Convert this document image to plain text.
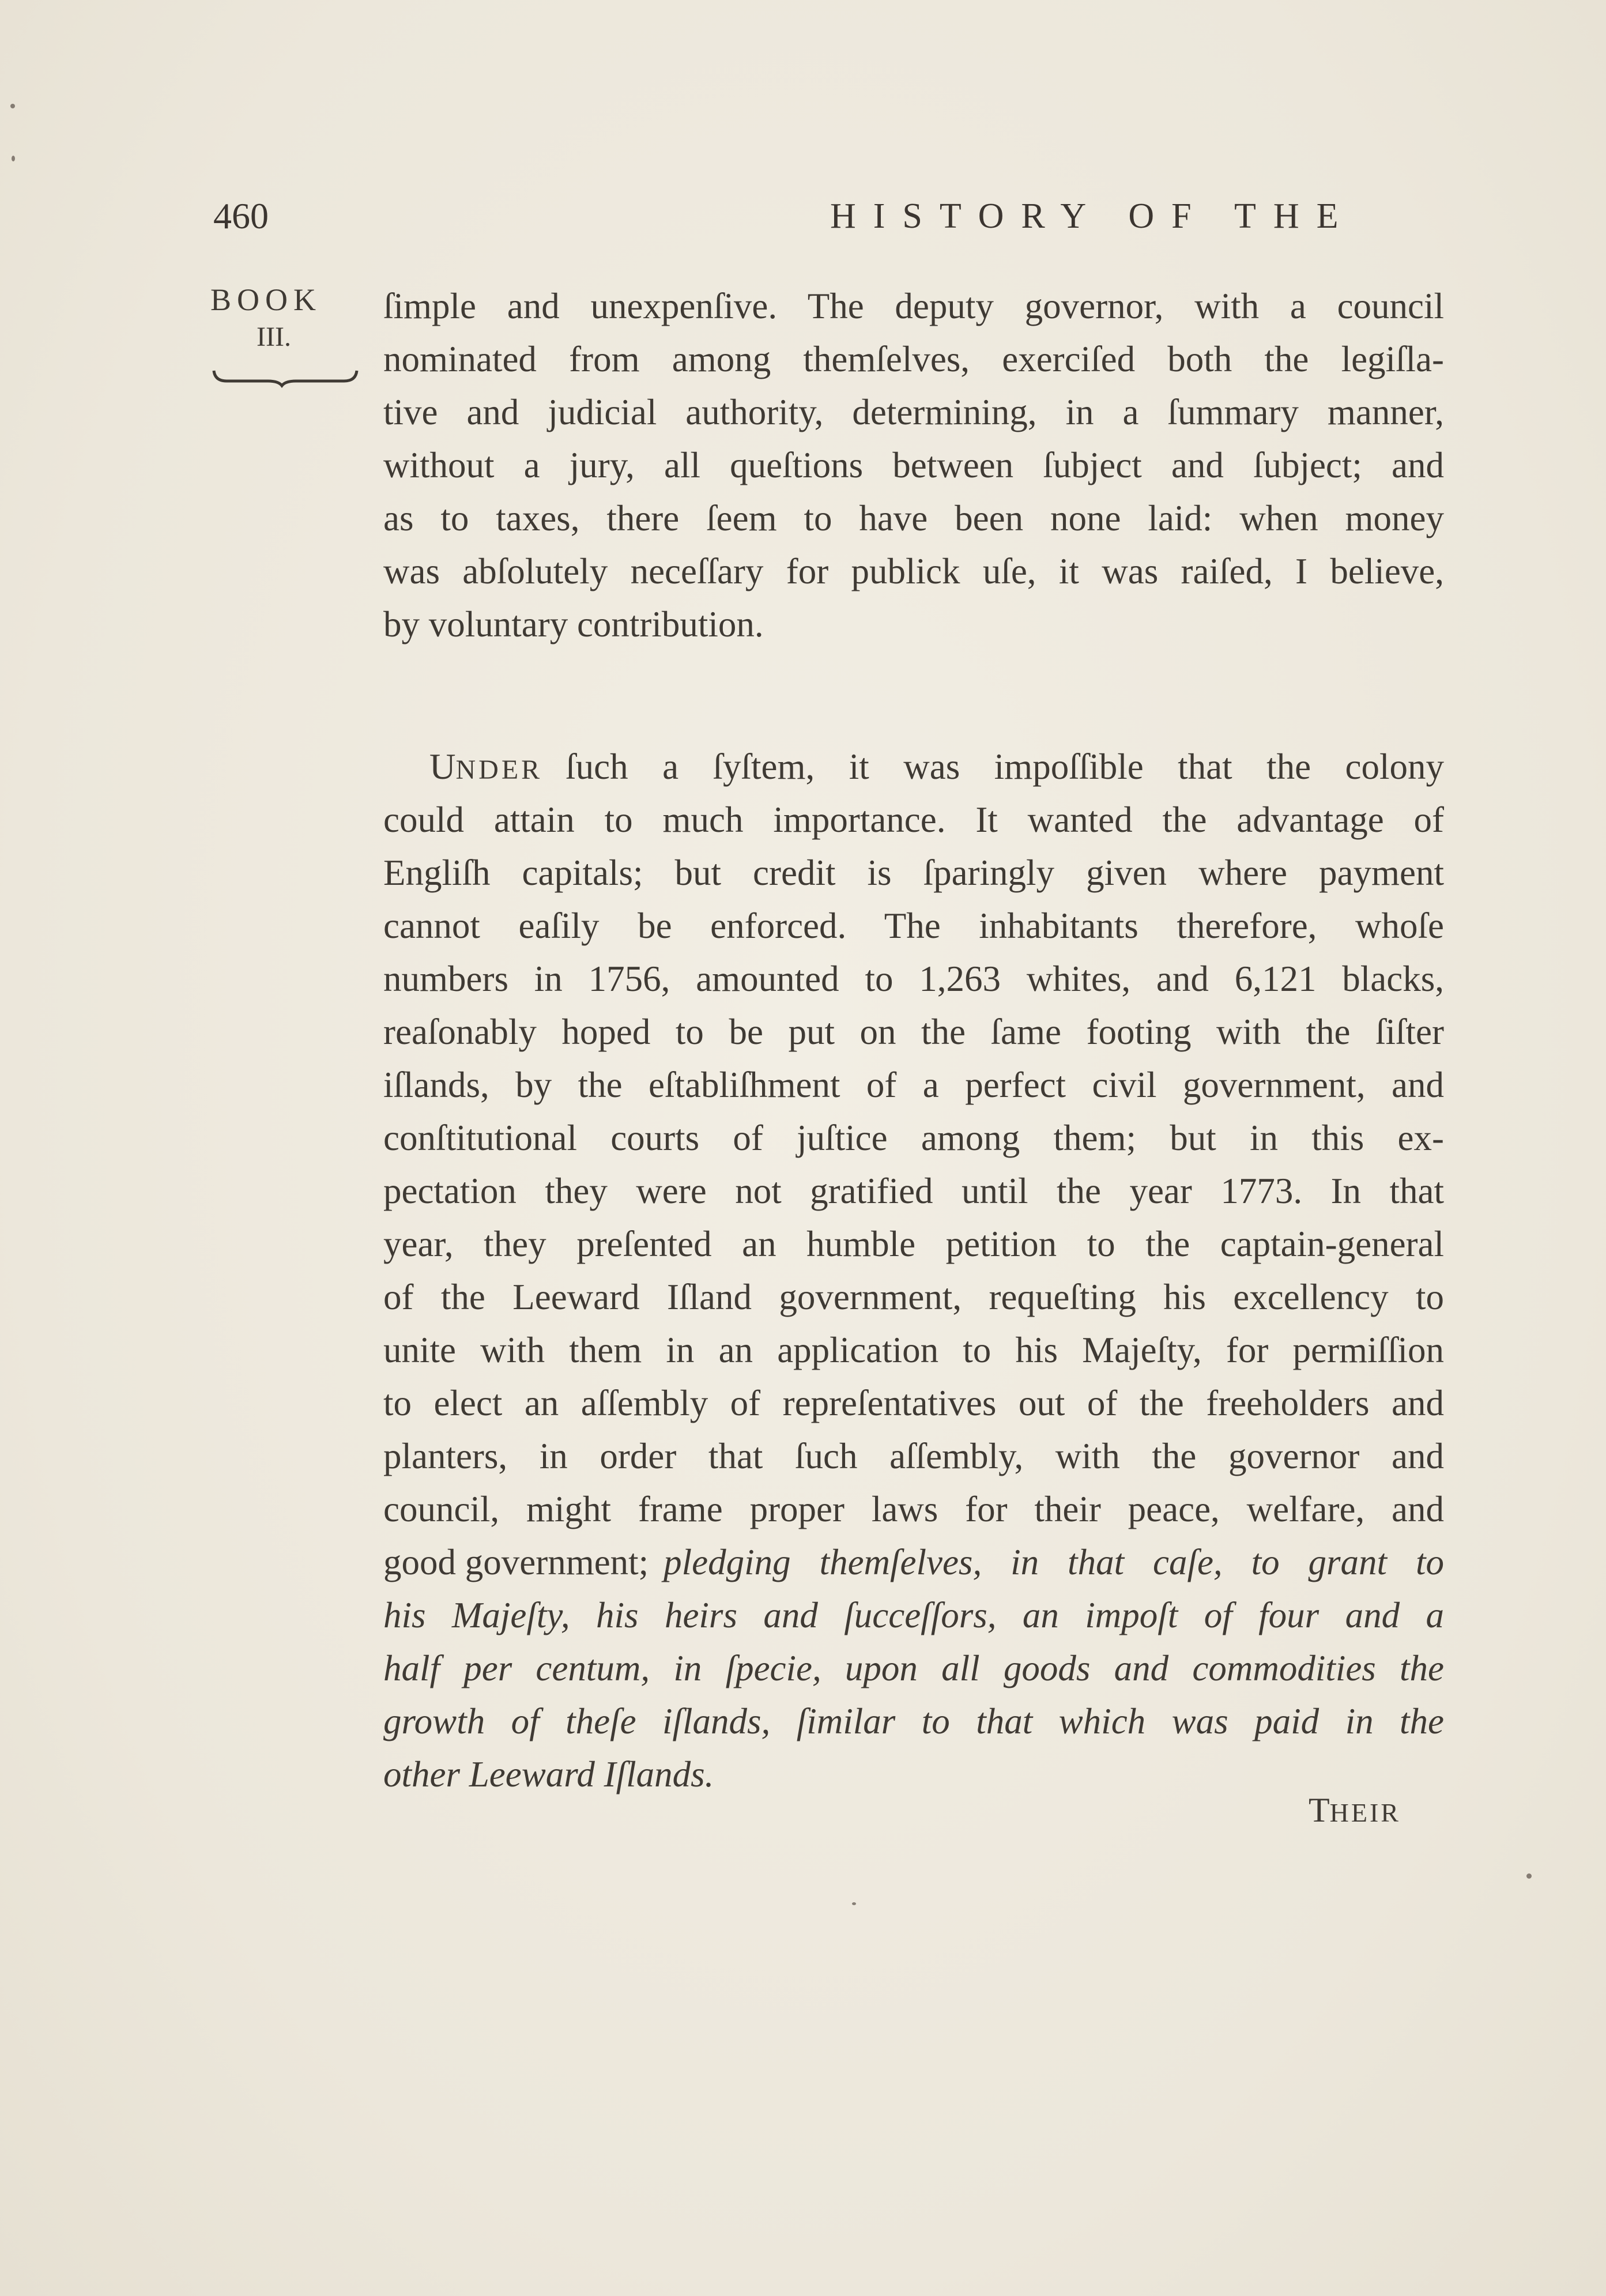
460	HISTORY OF THE
BOOK
III.
ſimple and unexpenſive. The deputy governor, with a council
nominated from among themſelves, exerciſed both the legiſla-
tive and judicial authority, determining, in a ſummary manner,
without a jury, all queſtions between ſubject and ſubject; and
as to taxes, there ſeem to have been none laid: when money
was abſolutely neceſſary for publick uſe, it was raiſed, I believe,
by voluntary contribution.
UNDER ſuch a ſyſtem, it was impoſſible that the colony
could attain to much importance. It wanted the advantage of
Engliſh capitals; but credit is ſparingly given where payment
cannot eaſily be enforced. The inhabitants therefore, whoſe
numbers in 1756, amounted to 1,263 whites, and 6,121 blacks,
reaſonably hoped to be put on the ſame footing with the ſiſter
iſlands, by the eſtabliſhment of a perfect civil government, and
conſtitutional courts of juſtice among them; but in this ex-
pectation they were not gratified until the year 1773. In that
year, they preſented an humble petition to the captain-general
of the Leeward Iſland government, requeſting his excellency to
unite with them in an application to his Majeſty, for permiſſion
to elect an aſſembly of repreſentatives out of the freeholders and
planters, in order that ſuch aſſembly, with the governor and
council, might frame proper laws for their peace, welfare, and
good government; pledging themſelves, in that caſe, to grant to
his Majeſty, his heirs and ſucceſſors, an impoſt of four and a
half per centum, in ſpecie, upon all goods and commodities the
growth of theſe iſlands, ſimilar to that which was paid in the
other Leeward Iſlands.
THEIR
